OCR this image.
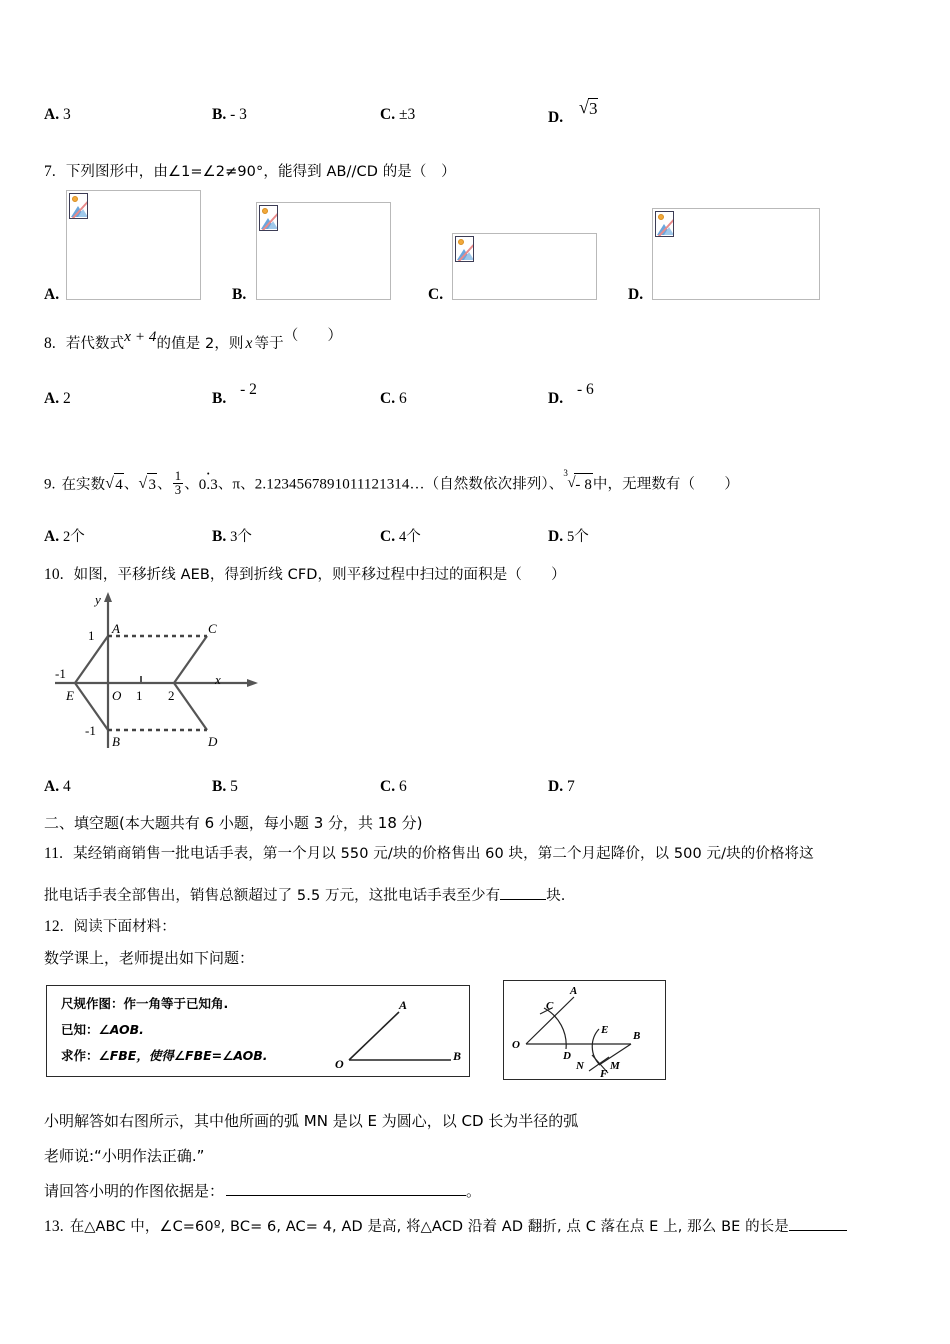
A. 3	B. - 3	C. ±3	D. √ 3
7. 下列图形中，由∠1=∠2≠90°，能得到 AB∕∕CD 的是（　）
A.	B.	C.	D.
8. 若代数式x + 4的值是 2，则 x 等于（　　）
A. 2	B. - 2
C. 6	D. - 6
9. 在实数 √ 4、 √ 3、 $\frac{1}{3}$ 、0.3 ·、π、2.1234567891011121314…（自然数依次排列）、
√ 3
- 8中，无理数有（　　）
A. 2个	B. 3个	C. 4个	D. 5个
10. 如图，平移折线 AEB，得到折线 CFD，则平移过程中扫过的面积是（　　）
x
y
O
1
-1
1 2
-1
A
B
C
D
E
A. 4	B. 5	C. 6	D. 7
二、填空题(本大题共有 6 小题，每小题 3 分，共 18 分)
11. 某经销商销售一批电话手表，第一个月以 550 元/块的价格售出 60 块，第二个月起降价，以 500 元/块的价格将这
批电话手表全部售出，销售总额超过了 5.5 万元，这批电话手表至少有	块.
12. 阅读下面材料：
数学课上，老师提出如下问题：
尺规作图：作一角等于已知角.
已知：∠AOB.
求作：∠FBE，使得∠FBE=∠AOB.
A
O
B
A
C
O
D
E B
N
F
M
小明解答如右图所示，其中他所画的弧 MN 是以 E 为圆心，以 CD 长为半径的弧
老师说:“小明作法正确.”
请回答小明的作图依据是：	。
13. 在△ABC 中，∠C=60º, BC= 6, AC= 4, AD 是高, 将△ACD 沿着 AD 翻折, 点 C 落在点 E 上, 那么 BE 的长是
